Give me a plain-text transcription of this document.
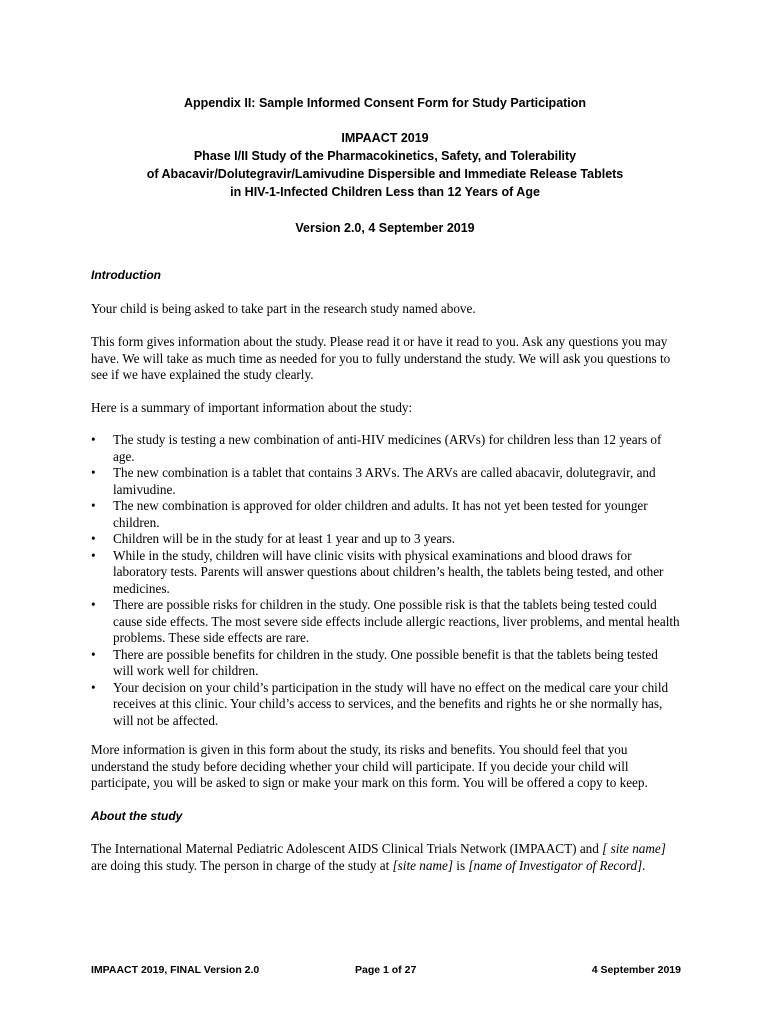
Appendix II: Sample Informed Consent Form for Study Participation
IMPAACT 2019
Phase I/II Study of the Pharmacokinetics, Safety, and Tolerability
of Abacavir/Dolutegravir/Lamivudine Dispersible and Immediate Release Tablets
in HIV-1-Infected Children Less than 12 Years of Age
Version 2.0, 4 September 2019
Introduction
Your child is being asked to take part in the research study named above.
This form gives information about the study. Please read it or have it read to you. Ask any questions you may have. We will take as much time as needed for you to fully understand the study. We will ask you questions to see if we have explained the study clearly.
Here is a summary of important information about the study:
• The study is testing a new combination of anti-HIV medicines (ARVs) for children less than 12 years of age.
• The new combination is a tablet that contains 3 ARVs. The ARVs are called abacavir, dolutegravir, and lamivudine.
• The new combination is approved for older children and adults. It has not yet been tested for younger children.
• Children will be in the study for at least 1 year and up to 3 years.
• While in the study, children will have clinic visits with physical examinations and blood draws for laboratory tests. Parents will answer questions about children’s health, the tablets being tested, and other medicines.
• There are possible risks for children in the study. One possible risk is that the tablets being tested could cause side effects. The most severe side effects include allergic reactions, liver problems, and mental health problems. These side effects are rare.
• There are possible benefits for children in the study. One possible benefit is that the tablets being tested will work well for children.
• Your decision on your child’s participation in the study will have no effect on the medical care your child receives at this clinic. Your child’s access to services, and the benefits and rights he or she normally has, will not be affected.
More information is given in this form about the study, its risks and benefits. You should feel that you understand the study before deciding whether your child will participate. If you decide your child will participate, you will be asked to sign or make your mark on this form. You will be offered a copy to keep.
About the study
The International Maternal Pediatric Adolescent AIDS Clinical Trials Network (IMPAACT) and [ site name] are doing this study. The person in charge of the study at [site name] is [name of Investigator of Record].
IMPAACT 2019, FINAL Version 2.0	Page 1 of 27	4 September 2019
